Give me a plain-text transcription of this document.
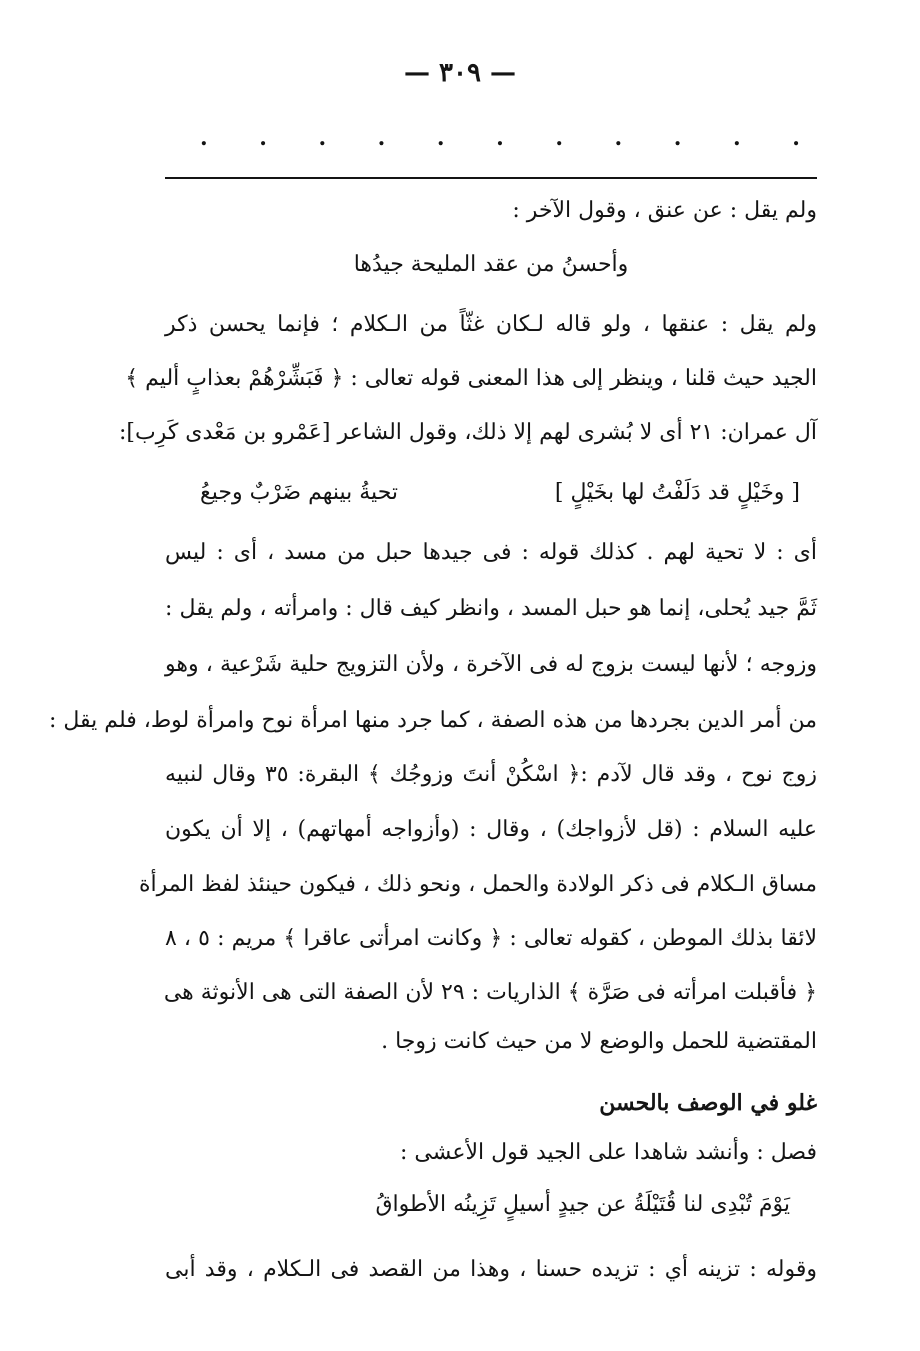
— ٣٠٩ —
. . . . . . . . . . .
ولم يقل : عن عنق ، وقول الآخر :
وأحسنُ من عقد المليحة جيدُها
ولم يقل : عنقها ، ولو قاله لـكان غثّاً من الـكلام ؛ فإنما يحسن ذكر
الجيد حيث قلنا ، وينظر إلى هذا المعنى قوله تعالى : ﴿ فَبَشِّرْهُمْ بعذابٍ أليم ﴾
آل عمران: ٢١ أى لا بُشرى لهم إلا ذلك، وقول الشاعر [عَمْرو بن مَعْدى كَرِب]:
[ وخَيْلٍ قد دَلَفْتُ لها بخَيْلٍ ]
تحيةُ بينهم ضَرْبٌ وجيعُ
أى : لا تحية لهم . كذلك قوله : فى جيدها حبل من مسد ، أى : ليس
ثَمَّ جيد يُحلى، إنما هو حبل المسد ، وانظر كيف قال : وامرأته ، ولم يقل :
وزوجه ؛ لأنها ليست بزوج له فى الآخرة ، ولأن التزويج حلية شَرْعية ، وهو
من أمر الدين بجردها من هذه الصفة ، كما جرد منها امرأة نوح وامرأة لوط، فلم يقل :
زوج نوح ، وقد قال لآدم :﴿ اسْكُنْ أنتَ وزوجُك ﴾ البقرة: ٣٥ وقال لنبيه
عليه السلام : (قل لأزواجك) ، وقال : (وأزواجه أمهاتهم) ، إلا أن يكون
مساق الـكلام فى ذكر الولادة والحمل ، ونحو ذلك ، فيكون حينئذ لفظ المرأة
لائقا بذلك الموطن ، كقوله تعالى : ﴿ وكانت امرأتى عاقرا ﴾ مريم : ٥ ، ٨
﴿ فأقبلت امرأته فى صَرَّة ﴾ الذاريات : ٢٩ لأن الصفة التى هى الأنوثة هى
المقتضية للحمل والوضع لا من حيث كانت زوجا .
غلو في الوصف بالحسن
فصل : وأنشد شاهدا على الجيد قول الأعشى :
يَوْمَ تُبْدِى لنا قُتَيْلَةُ عن جيدٍ أسيلٍ تَزِينُه الأطواقُ
وقوله : تزينه أي : تزيده حسنا ، وهذا من القصد فى الـكلام ، وقد أبى
